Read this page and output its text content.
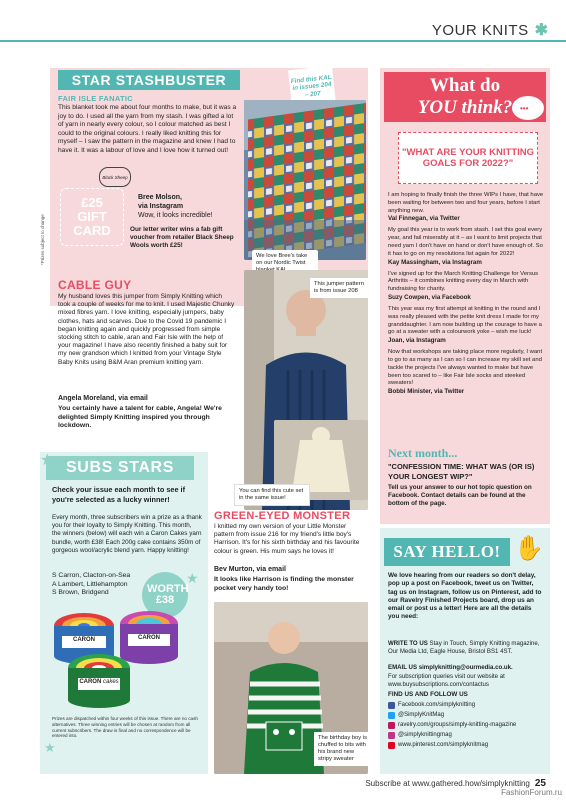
YOUR KNITS ✱
STAR STASHBUSTER
FAIR ISLE FANATIC
This blanket took me about four months to make, but it was a joy to do. I used all the yarn from my stash. I was gifted a lot of yarn in nearly every colour, so I colour matched as best I could to the original colours. I really liked knitting this for myself – I saw the pattern in the magazine and knew I had to have it. It was a labour of love and I love how it turned out!
Black Sheep
Bree Molson,
via Instagram
Wow, it looks incredible!
£25 GIFT CARD	Our letter writer wins a fab gift voucher from retailer Black Sheep Wools worth £25!
*Prizes subject to change
Find this KAL in issues 204 – 207
We love Bree's take on our Nordic Twist
CABLE GUY
My husband loves this jumper from Simply Knitting which took a couple of weeks for me to knit. I used Majestic Chunky mixed fibres yarn. I love knitting, especially jumpers, baby clothes, hats and scarves. Due to the Covid 19 pandemic I began knitting again and quickly progressed from simple stocking stitch to cable, aran and Fair Isle with the help of your magazine! I have also recently finished a baby suit for my new grandson which I knitted from your Vintage Style Baby Knits using B&M Aran premium knitting yarn.
Angela Moreland, via email
You certainly have a talent for cable, Angela! We're delighted Simply Knitting inspired you through lockdown.
This jumper pattern is from issue 208
You can find this cute set in the same issue!
SUBS STARS
★
Check your issue each month to see if you're selected as a lucky winner!
Every month, three subscribers win a prize as a thank you for their loyalty to Simply Knitting. This month, the winners (below) will each win a Caron Cakes yarn bundle, worth £38! Each 200g cake contains 350m of gorgeous wool/acrylic blend yarn. Happy knitting!
S Carron, Clacton-on-Sea
A Lambert, Littlehampton
S Brown, Bridgend	WORTH £38
CARON	CARON
CARON cakes
★
★
Prizes are dispatched within four weeks of this issue. There are no cash alternatives. Three winning entries will be chosen at random from all current subscribers. The draw is final and no correspondence will be entered into.
GREEN-EYED MONSTER
I knitted my own version of your Little Monster pattern from issue 216 for my friend's little boy's Harrison. It's for his sixth birthday and his favourite colour is green. His mum says he loves it!
Bev Murton, via email
It looks like Harrison is finding the monster pocket very handy too!
The birthday boy is chuffed to bits with his brand new stripy sweater
What do
YOU think? •••
"WHAT ARE YOUR KNITTING GOALS FOR 2022?"
I am hoping to finally finish the three WIPs I have, that have been waiting for between two and four years, before I start anything new.
Val Finnegan, via Twitter
My goal this year is to work from stash. I set this goal every year, and fail miserably at it – as I want to limit projects that need yarn I don't have on hand or don't have enough of. So it has to go on my resolutions list again for 2022!
Kay Massingham, via Instagram
I've signed up for the March Knitting Challenge for Versus Arthritis – it combines knitting every day in March with fundraising for charity.
Suzy Cowpen, via Facebook
This year was my first attempt at knitting in the round and I was really pleased with the petite knit dress I made for my granddaughter. I am now building up the courage to have a go at a sweater with a colourwork yoke – wish me luck!
Joan, via Instagram
Now that workshops are taking place more regularly, I want to go to as many as I can so I can increase my skill set and tackle the projects I've always wanted to make but have been too scared to – like Fair Isle socks and steeked sweaters!
Bobbi Minister, via Twitter
Next month...
"CONFESSION TIME: WHAT WAS (OR IS) YOUR LONGEST WIP?"
Tell us your answer to our hot topic question on Facebook. Contact details can be found at the bottom of the page.
SAY HELLO! ✋
We love hearing from our readers so don't delay, pop up a post on Facebook, tweet us on Twitter, tag us on Instagram, follow us on Pinterest, add to our Ravelry Finished Projects board, drop us an email or post us a letter! Here are all the details you need:
WRITE TO US Stay in Touch, Simply Knitting magazine, Our Media Ltd, Eagle House, Bristol BS1 4ST.
EMAIL US simplyknitting@ourmedia.co.uk.
For subscription queries visit our website at www.buysubscriptions.com/contactus
FIND US AND FOLLOW US
Facebook.com/simplyknitting
@SimplyKnitMag
ravelry.com/groups/simply-knitting-magazine
@simplyknittingmag
www.pinterest.com/simplyknitmag
Subscribe at www.gathered.how/simplyknitting 25
FashionForum.ru
